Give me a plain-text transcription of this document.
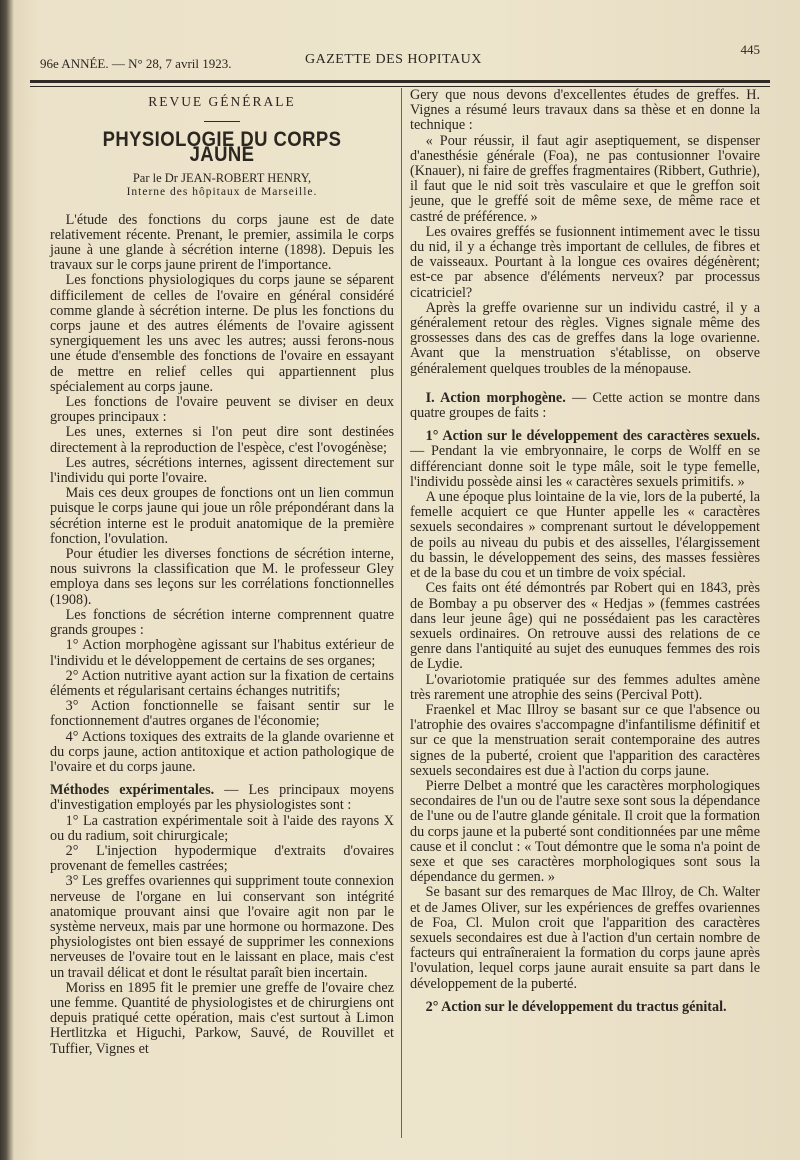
96e ANNÉE. — N° 28, 7 avril 1923.	GAZETTE DES HOPITAUX
445
REVUE GÉNÉRALE
PHYSIOLOGIE DU CORPS JAUNE
Par le Dr JEAN-ROBERT HENRY,
Interne des hôpitaux de Marseille.

L'étude des fonctions du corps jaune est de date relativement récente. Prenant, le premier, assimila le corps jaune à une glande à sécrétion interne (1898). Depuis les travaux sur le corps jaune prirent de l'importance.

Les fonctions physiologiques du corps jaune se séparent difficilement de celles de l'ovaire en général considéré comme glande à sécrétion interne. De plus les fonctions du corps jaune et des autres éléments de l'ovaire agissent synergiquement les uns avec les autres; aussi ferons-nous une étude d'ensemble des fonctions de l'ovaire en essayant de mettre en relief celles qui appartiennent plus spécialement au corps jaune.

Les fonctions de l'ovaire peuvent se diviser en deux groupes principaux :

Les unes, externes si l'on peut dire sont destinées directement à la reproduction de l'espèce, c'est l'ovogénèse;

Les autres, sécrétions internes, agissent directement sur l'individu qui porte l'ovaire.

Mais ces deux groupes de fonctions ont un lien commun puisque le corps jaune qui joue un rôle prépondérant dans la sécrétion interne est le produit anatomique de la première fonction, l'ovulation.

Pour étudier les diverses fonctions de sécrétion interne, nous suivrons la classification que M. le professeur Gley employa dans ses leçons sur les corrélations fonctionnelles (1908).

Les fonctions de sécrétion interne comprennent quatre grands groupes :

1° Action morphogène agissant sur l'habitus extérieur de l'individu et le développement de certains de ses organes;

2° Action nutritive ayant action sur la fixation de certains éléments et régularisant certains échanges nutritifs;

3° Action fonctionnelle se faisant sentir sur le fonctionnement d'autres organes de l'économie;

4° Actions toxiques des extraits de la glande ovarienne et du corps jaune, action antitoxique et action pathologique de l'ovaire et du corps jaune.

Méthodes expérimentales. — Les principaux moyens d'investigation employés par les physiologistes sont :

1° La castration expérimentale soit à l'aide des rayons X ou du radium, soit chirurgicale;

2° L'injection hypodermique d'extraits d'ovaires provenant de femelles castrées;

3° Les greffes ovariennes qui suppriment toute connexion nerveuse de l'organe en lui conservant son intégrité anatomique prouvant ainsi que l'ovaire agit non par le système nerveux, mais par une hormone ou hormazone. Des physiologistes ont bien essayé de supprimer les connexions nerveuses de l'ovaire tout en le laissant en place, mais c'est un travail délicat et dont le résultat paraît bien incertain.

Moriss en 1895 fit le premier une greffe de l'ovaire chez une femme. Quantité de physiologistes et de chirurgiens ont depuis pratiqué cette opération, mais c'est surtout à Limon Hertlitzka et Higuchi, Parkow, Sauvé, de Rouvillet et Tuffier, Vignes et

Gery que nous devons d'excellentes études de greffes. H. Vignes a résumé leurs travaux dans sa thèse et en donne la technique :

« Pour réussir, il faut agir aseptiquement, se dispenser d'anesthésie générale (Foa), ne pas contusionner l'ovaire (Knauer), ni faire de greffes fragmentaires (Ribbert, Guthrie), il faut que le nid soit très vasculaire et que le greffon soit jeune, que le greffé soit de même sexe, de même race et castré de préférence. »

Les ovaires greffés se fusionnent intimement avec le tissu du nid, il y a échange très important de cellules, de fibres et de vaisseaux. Pourtant à la longue ces ovaires dégénèrent; est-ce par absence d'éléments nerveux? par processus cicatriciel?

Après la greffe ovarienne sur un individu castré, il y a généralement retour des règles. Vignes signale même des grossesses dans des cas de greffes dans la loge ovarienne. Avant que la menstruation s'établisse, on observe généralement quelques troubles de la ménopause.

I. Action morphogène. — Cette action se montre dans quatre groupes de faits :

1° Action sur le développement des caractères sexuels. — Pendant la vie embryonnaire, le corps de Wolff en se différenciant donne soit le type mâle, soit le type femelle, l'individu possède ainsi les « caractères sexuels primitifs. »

A une époque plus lointaine de la vie, lors de la puberté, la femelle acquiert ce que Hunter appelle les « caractères sexuels secondaires » comprenant surtout le développement de poils au niveau du pubis et des aisselles, l'élargissement du bassin, le développement des seins, des masses fessières et de la base du cou et un timbre de voix spécial.

Ces faits ont été démontrés par Robert qui en 1843, près de Bombay a pu observer des « Hedjas » (femmes castrées dans leur jeune âge) qui ne possédaient pas les caractères sexuels ordinaires. On retrouve aussi des relations de ce genre dans l'antiquité au sujet des eunuques femmes des rois de Lydie.

L'ovariotomie pratiquée sur des femmes adultes amène très rarement une atrophie des seins (Percival Pott).

Fraenkel et Mac Illroy se basant sur ce que l'absence ou l'atrophie des ovaires s'accompagne d'infantilisme définitif et sur ce que la menstruation serait contemporaine des autres signes de la puberté, croient que l'apparition des caractères sexuels secondaires est due à l'action du corps jaune.

Pierre Delbet a montré que les caractères morphologiques secondaires de l'un ou de l'autre sexe sont sous la dépendance de l'une ou de l'autre glande génitale. Il croit que la formation du corps jaune et la puberté sont conditionnées par une même cause et il conclut : « Tout démontre que le soma n'a point de sexe et que ses caractères morphologiques sont sous la dépendance du germen. »

Se basant sur des remarques de Mac Illroy, de Ch. Walter et de James Oliver, sur les expériences de greffes ovariennes de Foa, Cl. Mulon croit que l'apparition des caractères sexuels secondaires est due à l'action d'un certain nombre de facteurs qui entraîneraient la formation du corps jaune après l'ovulation, lequel corps jaune aurait ensuite sa part dans le développement de la puberté.

2° Action sur le développement du tractus génital.
